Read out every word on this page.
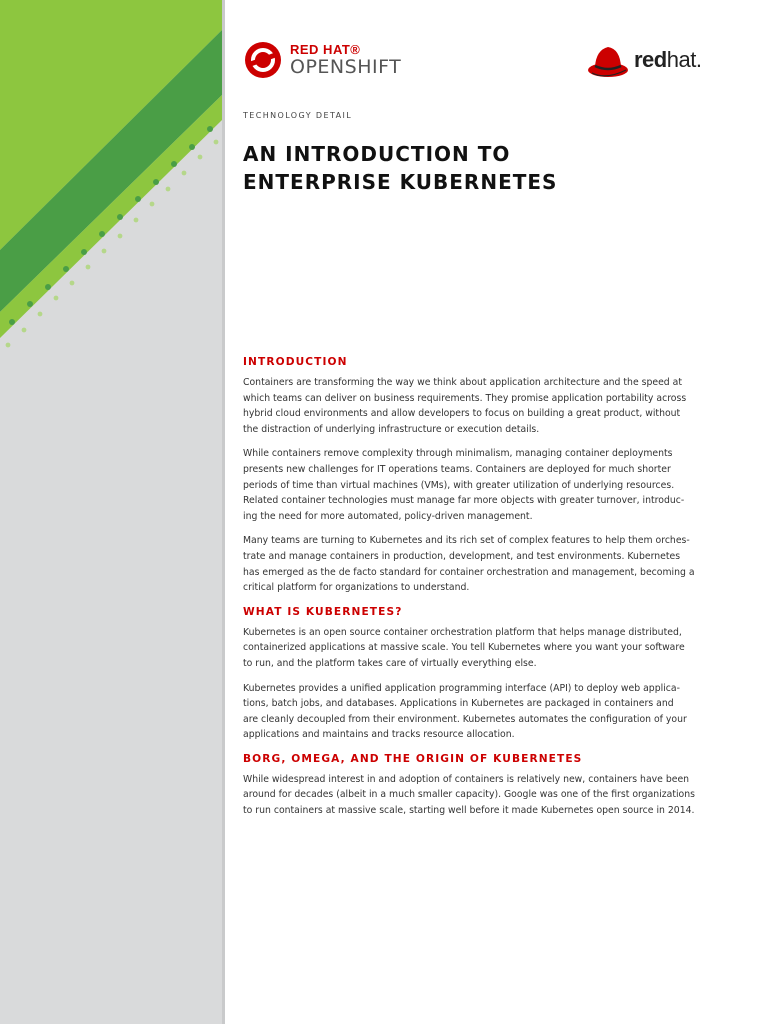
RED HAT®
OPENSHIFT	redhat.
TECHNOLOGY DETAIL
AN INTRODUCTION TO
ENTERPRISE KUBERNETES
INTRODUCTION

Containers are transforming the way we think about application architecture and the speed at
which teams can deliver on business requirements. They promise application portability across
hybrid cloud environments and allow developers to focus on building a great product, without
the distraction of underlying infrastructure or execution details.

While containers remove complexity through minimalism, managing container deployments
presents new challenges for IT operations teams. Containers are deployed for much shorter
periods of time than virtual machines (VMs), with greater utilization of underlying resources.
Related container technologies must manage far more objects with greater turnover, introduc-
ing the need for more automated, policy-driven management.

Many teams are turning to Kubernetes and its rich set of complex features to help them orches-
trate and manage containers in production, development, and test environments. Kubernetes
has emerged as the de facto standard for container orchestration and management, becoming a
critical platform for organizations to understand.

WHAT IS KUBERNETES?

Kubernetes is an open source container orchestration platform that helps manage distributed,
containerized applications at massive scale. You tell Kubernetes where you want your software
to run, and the platform takes care of virtually everything else.

Kubernetes provides a unified application programming interface (API) to deploy web applica-
tions, batch jobs, and databases. Applications in Kubernetes are packaged in containers and
are cleanly decoupled from their environment. Kubernetes automates the configuration of your
applications and maintains and tracks resource allocation.

BORG, OMEGA, AND THE ORIGIN OF KUBERNETES

While widespread interest in and adoption of containers is relatively new, containers have been
around for decades (albeit in a much smaller capacity). Google was one of the first organizations
to run containers at massive scale, starting well before it made Kubernetes open source in 2014.
